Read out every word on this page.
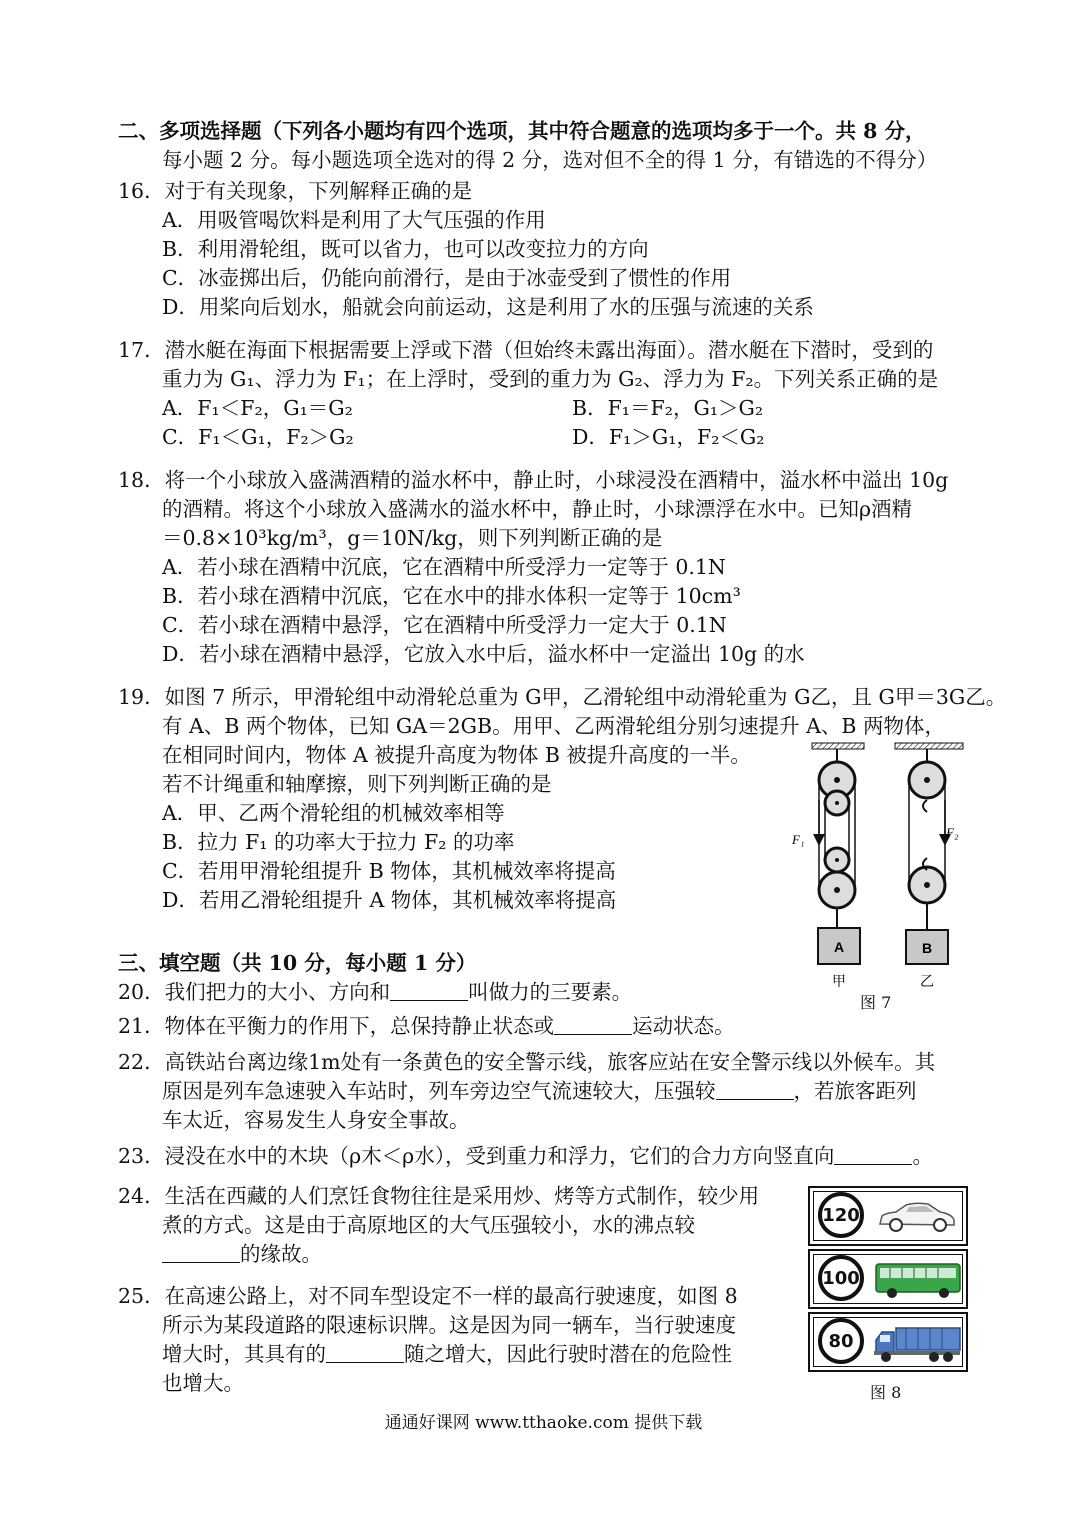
二、多项选择题（下列各小题均有四个选项，其中符合题意的选项均多于一个。共 8 分，
每小题 2 分。每小题选项全选对的得 2 分，选对但不全的得 1 分，有错选的不得分）
16．对于有关现象，下列解释正确的是
A．用吸管喝饮料是利用了大气压强的作用
B．利用滑轮组，既可以省力，也可以改变拉力的方向
C．冰壶掷出后，仍能向前滑行，是由于冰壶受到了惯性的作用
D．用桨向后划水，船就会向前运动，这是利用了水的压强与流速的关系
17．潜水艇在海面下根据需要上浮或下潜（但始终未露出海面）。潜水艇在下潜时，受到的
重力为 G₁、浮力为 F₁；在上浮时，受到的重力为 G₂、浮力为 F₂。下列关系正确的是
A．F₁＜F₂，G₁＝G₂	B．F₁＝F₂，G₁＞G₂
C．F₁＜G₁，F₂＞G₂	D．F₁＞G₁，F₂＜G₂
18．将一个小球放入盛满酒精的溢水杯中，静止时，小球浸没在酒精中，溢水杯中溢出 10g
的酒精。将这个小球放入盛满水的溢水杯中，静止时，小球漂浮在水中。已知ρ酒精
＝0.8×10³kg/m³，g＝10N/kg，则下列判断正确的是
A．若小球在酒精中沉底，它在酒精中所受浮力一定等于 0.1N
B．若小球在酒精中沉底，它在水中的排水体积一定等于 10cm³
C．若小球在酒精中悬浮，它在酒精中所受浮力一定大于 0.1N
D．若小球在酒精中悬浮，它放入水中后，溢水杯中一定溢出 10g 的水
19．如图 7 所示，甲滑轮组中动滑轮总重为 G甲，乙滑轮组中动滑轮重为 G乙，且 G甲＝3G乙。
有 A、B 两个物体，已知 GA＝2GB。用甲、乙两滑轮组分别匀速提升 A、B 两物体，
在相同时间内，物体 A 被提升高度为物体 B 被提升高度的一半。
若不计绳重和轴摩擦，则下列判断正确的是
A．甲、乙两个滑轮组的机械效率相等
B．拉力 F₁ 的功率大于拉力 F₂ 的功率
C．若用甲滑轮组提升 B 物体，其机械效率将提高
D．若用乙滑轮组提升 A 物体，其机械效率将提高
A
F₁
甲
B
F₂
乙
图 7
三、填空题（共 10 分，每小题 1 分）
20．我们把力的大小、方向和	叫做力的三要素。
21．物体在平衡力的作用下，总保持静止状态或	运动状态。
22．高铁站台离边缘1m处有一条黄色的安全警示线，旅客应站在安全警示线以外候车。其
原因是列车急速驶入车站时，列车旁边空气流速较大，压强较	，若旅客距列
车太近，容易发生人身安全事故。
23．浸没在水中的木块（ρ木＜ρ水），受到重力和浮力，它们的合力方向竖直向	。
24．生活在西藏的人们烹饪食物往往是采用炒、烤等方式制作，较少用
煮的方式。这是由于高原地区的大气压强较小，水的沸点较
的缘故。
25．在高速公路上，对不同车型设定不一样的最高行驶速度，如图 8
所示为某段道路的限速标识牌。这是因为同一辆车，当行驶速度
增大时，其具有的	随之增大，因此行驶时潜在的危险性
也增大。
120
100
80
图 8
通通好课网 www.tthaoke.com 提供下载
